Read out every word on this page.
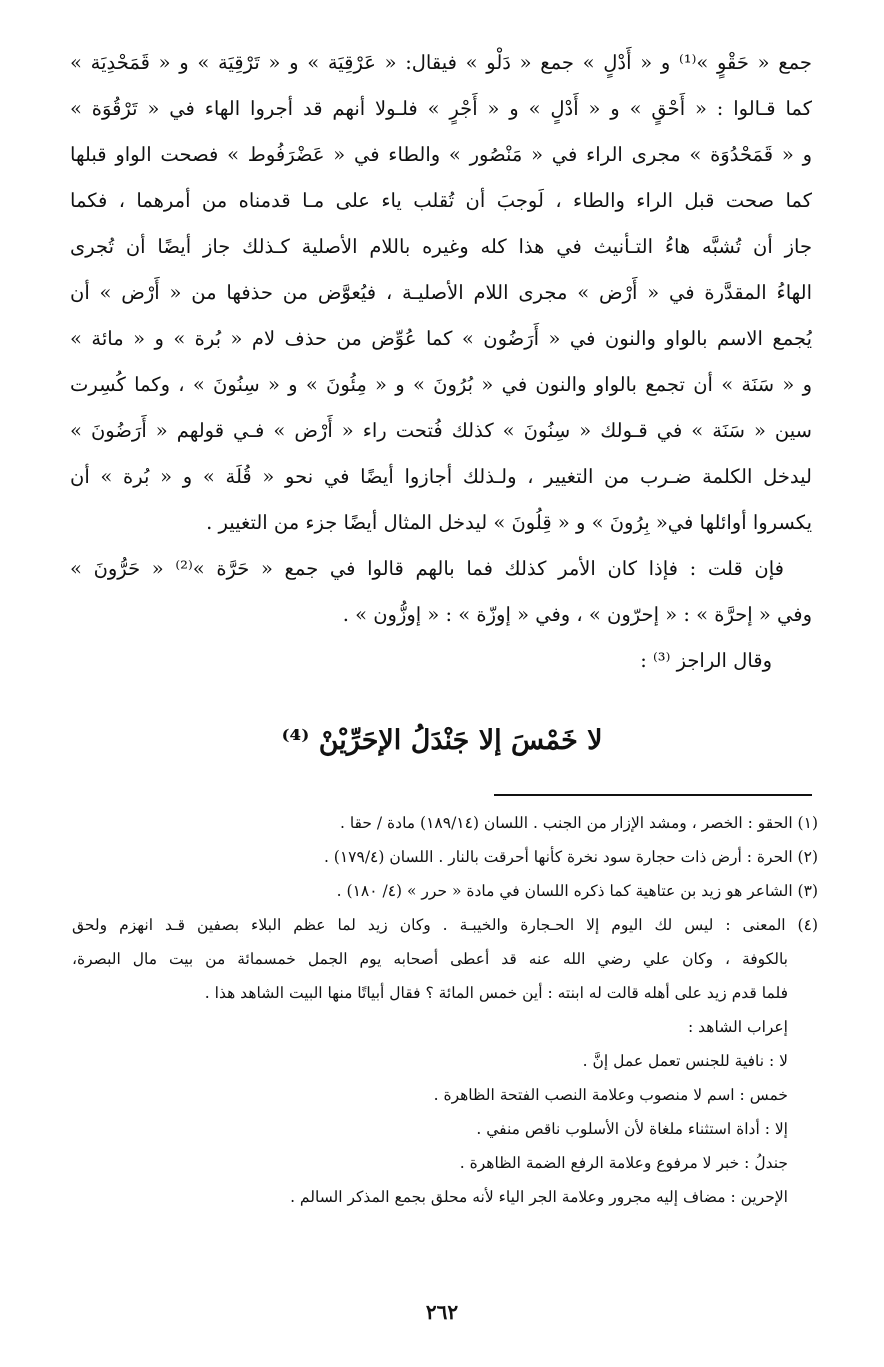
جمع « حَقْوٍ »⁽¹⁾ و « أَدْلٍ » جمع « دَلْو » فيقال: « عَرْقِيَة » و « تَرْقِيَة » و « قَمَحْدِيَة »
كما قـالوا : « أَحْقٍ » و « أَدْلٍ » و « أَجْرٍ » فلـولا أنهم قد أجروا الهاء في « تَرْقُوَة »
و « قَمَحْدُوَة » مجرى الراء في « مَنْصُور » والطاء في « عَضْرَفُوط » فصحت الواو قبلها
كما صحت قبل الراء والطاء ، لَوجبَ أن تُقلب ياء على مـا قدمناه من أمرهما ، فكما
جاز أن تُشبَّه هاءُ التـأنيث في هذا كله وغيره باللام الأصلية كـذلك جاز أيضًا أن تُجرى
الهاءُ المقدَّرة في « أَرْض » مجرى اللام الأصليـة ، فيُعوَّض من حذفها من « أَرْض » أن
يُجمع الاسم بالواو والنون في « أَرَضُون » كما عُوِّض من حذف لام « بُرة » و « مائة »
و « سَنَة » أن تجمع بالواو والنون في « بُرُونَ » و « مِئُونَ » و « سِنُونَ » ، وكما كُسِرت
سين « سَنَة » في قـولك « سِنُونَ » كذلك فُتحت راء « أَرْض » فـي قولهم « أَرَضُونَ »
ليدخل الكلمة ضـرب من التغيير ، ولـذلك أجازوا أيضًا في نحو « قُلَة » و « بُرة » أن
يكسروا أوائلها في« بِرُونَ » و « قِلُونَ » ليدخل المثال أيضًا جزء من التغيير .
فإن قلت : فإذا كان الأمر كذلك فما بالهم قالوا في جمع « حَرَّة »⁽²⁾ « حَرُّونَ »
وفي « إحرَّة » : « إحرّون » ، وفي « إوزّة » : « إوزُّون » .
وقال الراجز ⁽³⁾ :
لا خَمْسَ إلا جَنْدَلُ الإحَرِّيْنْ ⁽⁴⁾
(١) الحقو : الخصر ، ومشد الإزار من الجنب . اللسان (١٨٩/١٤) مادة / حقا .
(٢) الحرة : أرض ذات حجارة سود نخرة كأنها أحرقت بالنار . اللسان (١٧٩/٤) .
(٣) الشاعر هو زيد بن عتاهية كما ذكره اللسان في مادة « حرر » (٤/ ١٨٠) .
(٤) المعنى : ليس لك اليوم إلا الحـجارة والخيبـة . وكان زيد لما عظم البلاء بصفين قـد انهزم ولحق
بالكوفة ، وكان علي رضي الله عنه قد أعطى أصحابه يوم الجمل خمسمائة من بيت مال البصرة،
فلما قدم زيد على أهله قالت له ابنته : أين خمس المائة ؟ فقال أبياتًا منها البيت الشاهد هذا .
إعراب الشاهد :
لا : نافية للجنس تعمل عمل إنَّ .
خمس : اسم لا منصوب وعلامة النصب الفتحة الظاهرة .
إلا : أداة استثناء ملغاة لأن الأسلوب ناقص منفي .
جندلُ : خبر لا مرفوع وعلامة الرفع الضمة الظاهرة .
الإحرين : مضاف إليه مجرور وعلامة الجر الياء لأنه محلق بجمع المذكر السالم .
٢٦٢
